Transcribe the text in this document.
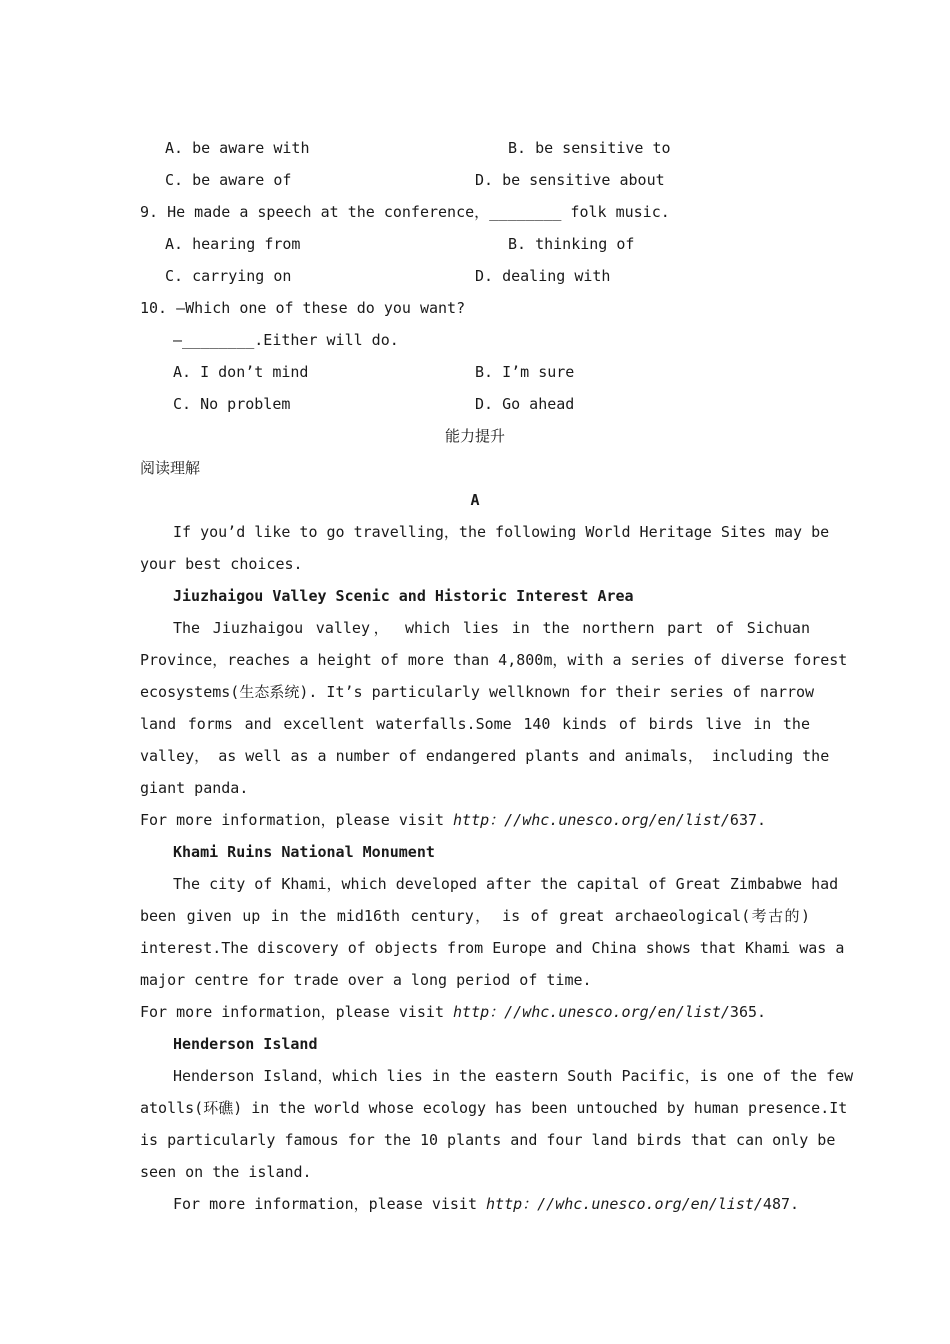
A. be aware with	B. be sensitive to
C. be aware of	D. be sensitive about
9. He made a speech at the conference，________ folk music.
A. hearing from	B. thinking of
C. carrying on	D. dealing with
10. —Which one of these do you want?
—________.Either will do.
A. I don’t mind	B. I’m sure
C. No problem	D. Go ahead
能力提升
阅读理解
A
If you’d like to go travelling，the following World Heritage Sites may be
your best choices.
Jiuzhaigou Valley Scenic and Historic Interest Area
The Jiuzhaigou valley， which lies in the northern part of Sichuan
Province，reaches a height of more than 4,800m，with a series of diverse forest
ecosystems(生态系统). It’s particularly wellknown for their series of narrow
land forms and excellent waterfalls.Some 140 kinds of birds live in the
valley， as well as a number of endangered plants and animals， including the
giant panda.
For more information，please visit http：//whc.unesco.org/en/list/637.
Khami Ruins National Monument
The city of Khami，which developed after the capital of Great Zimbabwe had
been given up in the mid16th century， is of great archaeological(考古的)
interest.The discovery of objects from Europe and China shows that Khami was a
major centre for trade over a long period of time.
For more information，please visit http：//whc.unesco.org/en/list/365.
Henderson Island
Henderson Island，which lies in the eastern South Pacific，is one of the few
atolls(环礁) in the world whose ecology has been untouched by human presence.It
is particularly famous for the 10 plants and four land birds that can only be
seen on the island.
For more information，please visit http：//whc.unesco.org/en/list/487.
